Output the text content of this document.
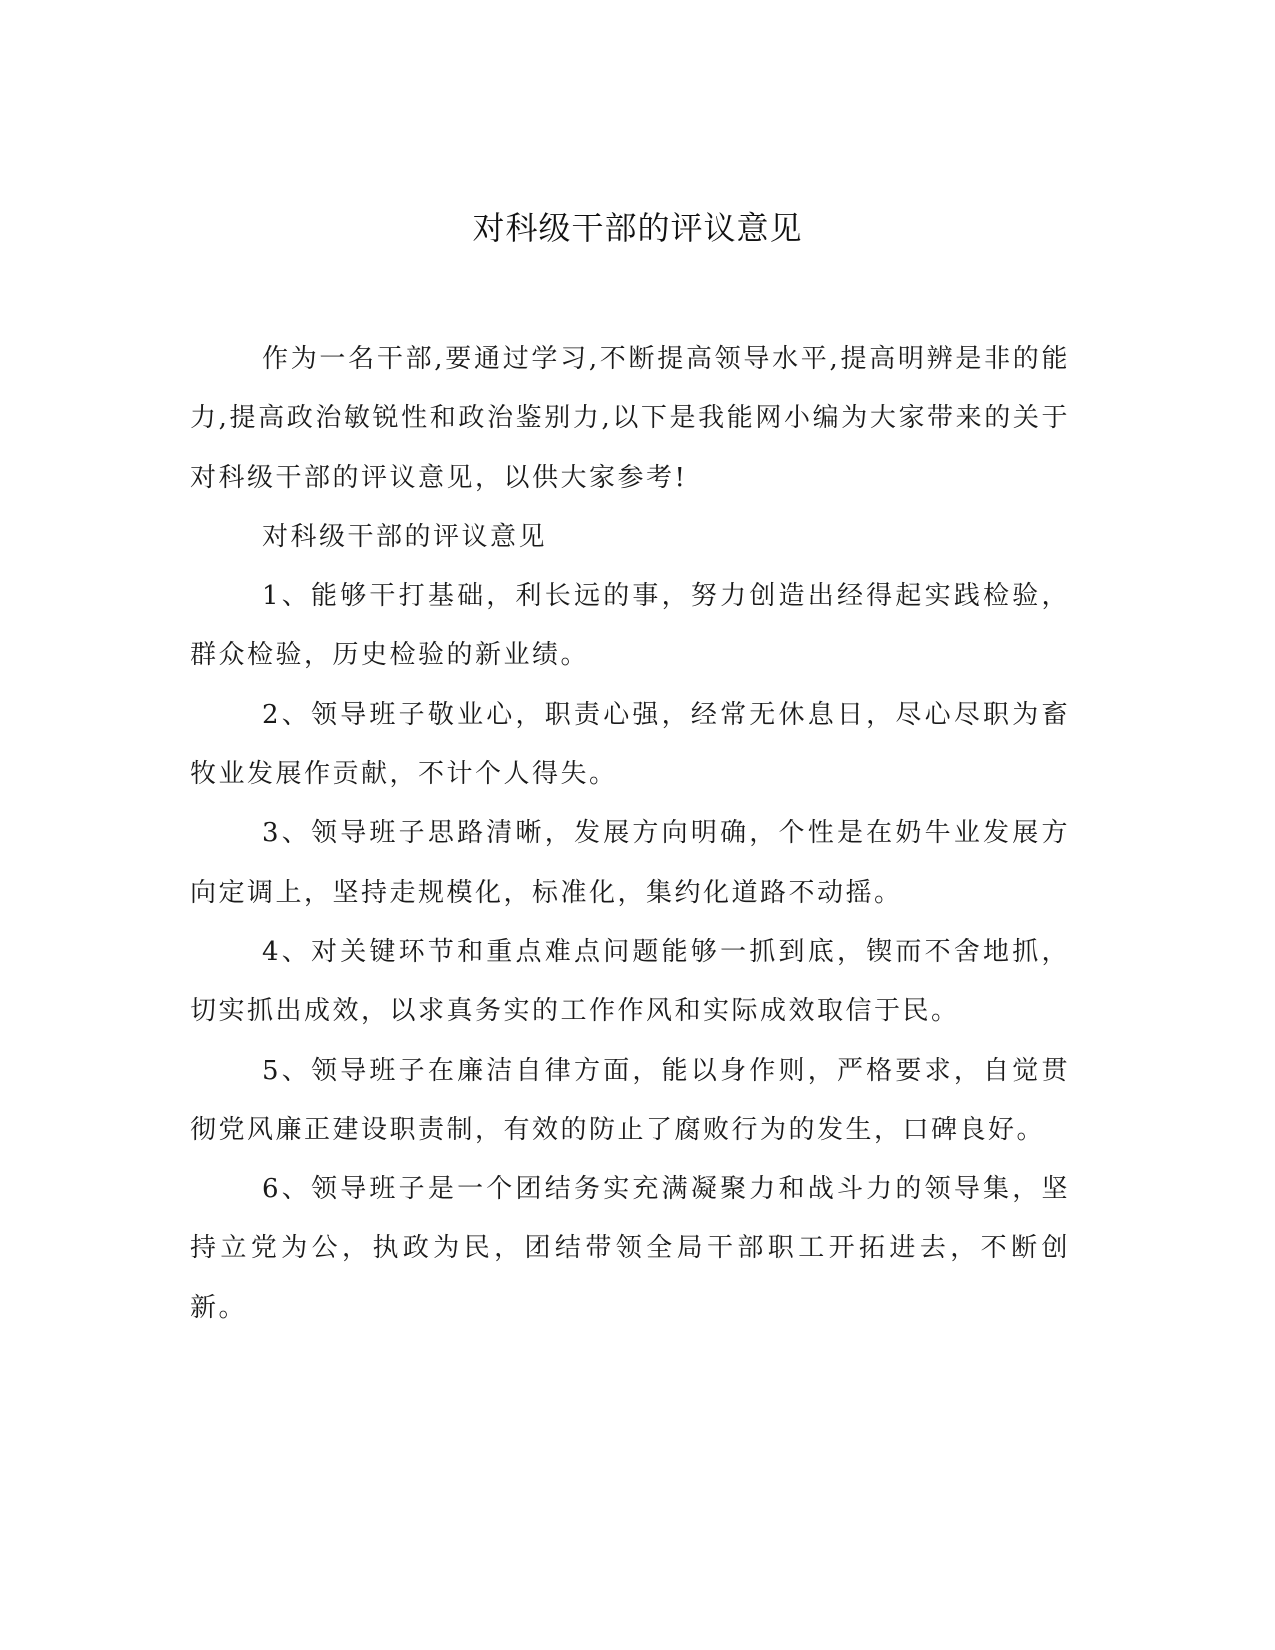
对科级干部的评议意见

作为一名干部,要通过学习,不断提高领导水平,提高明辨是非的能力,提高政治敏锐性和政治鉴别力,以下是我能网小编为大家带来的关于对科级干部的评议意见，以供大家参考!

对科级干部的评议意见

1、能够干打基础，利长远的事，努力创造出经得起实践检验，群众检验，历史检验的新业绩。

2、领导班子敬业心，职责心强，经常无休息日，尽心尽职为畜牧业发展作贡献，不计个人得失。

3、领导班子思路清晰，发展方向明确，个性是在奶牛业发展方向定调上，坚持走规模化，标准化，集约化道路不动摇。

4、对关键环节和重点难点问题能够一抓到底，锲而不舍地抓，切实抓出成效，以求真务实的工作作风和实际成效取信于民。

5、领导班子在廉洁自律方面，能以身作则，严格要求，自觉贯彻党风廉正建设职责制，有效的防止了腐败行为的发生，口碑良好。

6、领导班子是一个团结务实充满凝聚力和战斗力的领导集，坚持立党为公，执政为民，团结带领全局干部职工开拓进去，不断创新。
